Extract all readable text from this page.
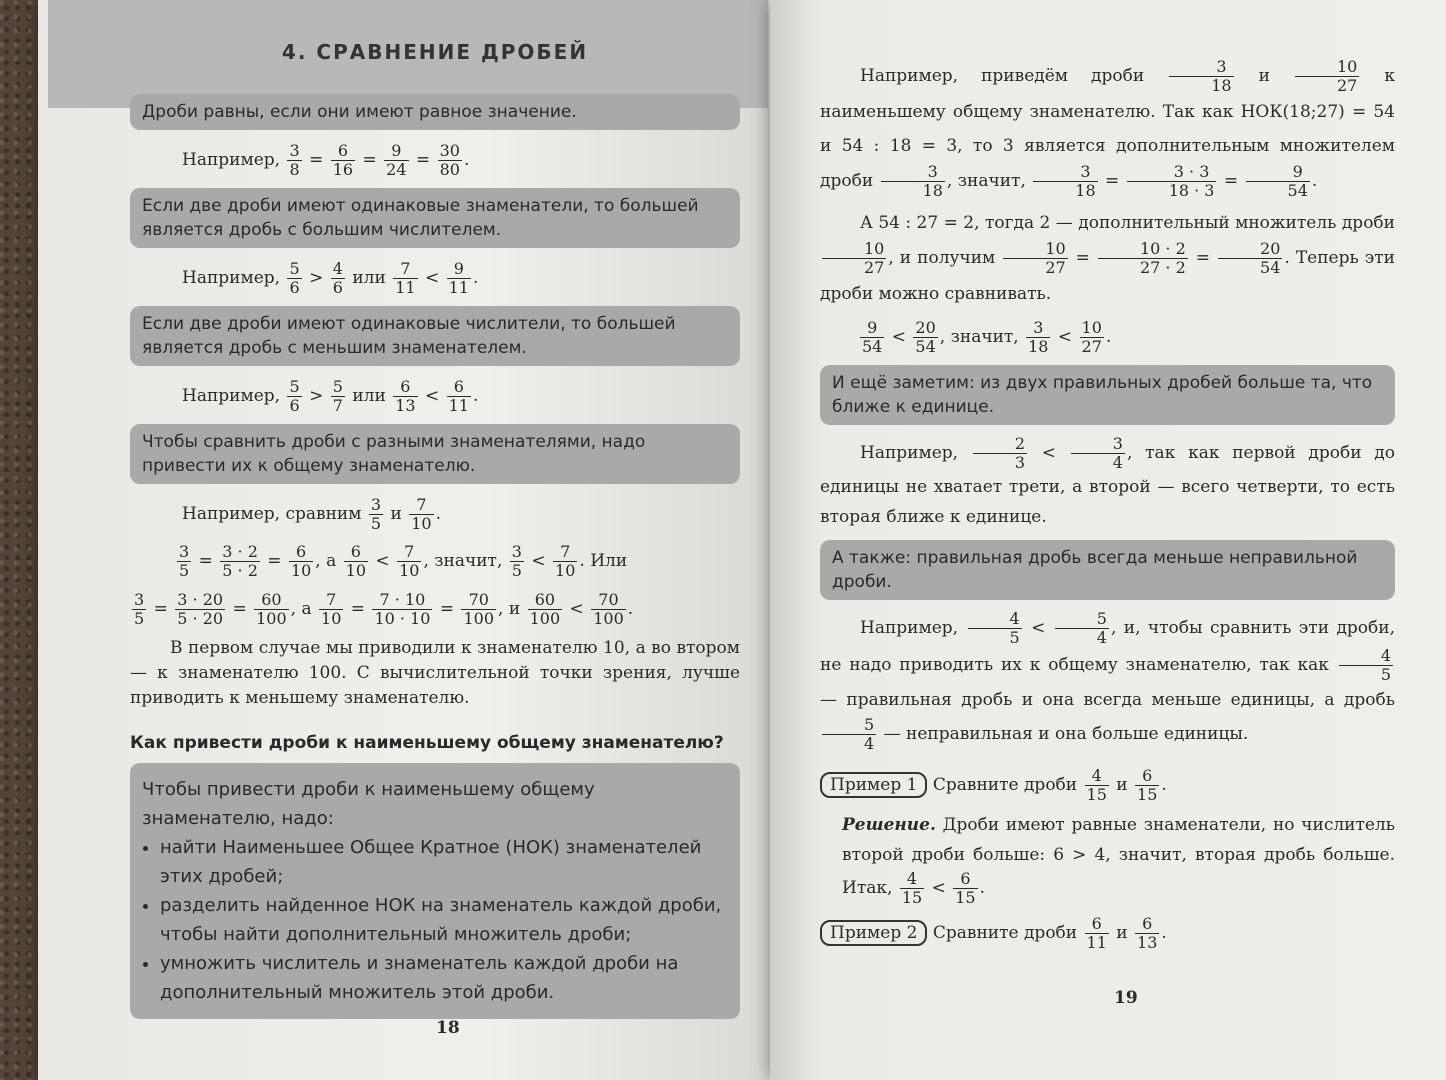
4. СРАВНЕНИЕ ДРОБЕЙ
Дроби равны, если они имеют равное значение.
Например, $\frac{3}{8} = \frac{6}{16} = \frac{9}{24} = \frac{30}{80}$ .
Если две дроби имеют одинаковые знаменатели, то большей является дробь с большим числителем.
Например, $\frac{5}{6} > \frac{4}{6}$ или $\frac{7}{11} < \frac{9}{11}$ .
Если две дроби имеют одинаковые числители, то большей является дробь с меньшим знаменателем.
Например, $\frac{5}{6} > \frac{5}{7}$ или $\frac{6}{13} < \frac{6}{11}$ .
Чтобы сравнить дроби с разными знаменателями, надо привести их к общему знаменателю.
Например, сравним $\frac{3}{5}$ и $\frac{7}{10}$ .
$\frac{3}{5} = \frac{3 \cdot 2}{5 \cdot 2} = \frac{6}{10}$ , а $\frac{6}{10} < \frac{7}{10}$ , значит, $\frac{3}{5} < \frac{7}{10}$ . Или
$\frac{3}{5} = \frac{3 \cdot 20}{5 \cdot 20} = \frac{60}{100}$ , а $\frac{7}{10} = \frac{7 \cdot 10}{10 \cdot 10} = \frac{70}{100}$ , и $\frac{60}{100} < \frac{70}{100}$ .
В первом случае мы приводили к знаменателю 10, а во втором — к знаменателю 100. С вычислительной точки зрения, лучше приводить к меньшему знаменателю.
Как привести дроби к наименьшему общему знаменателю?
Чтобы привести дроби к наименьшему общему знаменателю, надо:
• найти Наименьшее Общее Кратное (НОК) знаменателей этих дробей;
• разделить найденное НОК на знаменатель каждой дроби, чтобы найти дополнительный множитель дроби;
• умножить числитель и знаменатель каждой дроби на дополнительный множитель этой дроби.
18
Например, приведём дроби $\frac{3}{18}$ и $\frac{10}{27}$ к наименьшему общему знаменателю. Так как НОК(18;27) = 54 и 54 : 18 = 3, то 3 является дополнительным множителем дроби $\frac{3}{18}$ , значит, $\frac{3}{18} = \frac{3 \cdot 3}{18 \cdot 3} = \frac{9}{54}$ .
А 54 : 27 = 2, тогда 2 — дополнительный множитель дроби
$\frac{10}{27}$ , и получим $\frac{10}{27} = \frac{10 \cdot 2}{27 \cdot 2} = \frac{20}{54}$ . Теперь эти дроби можно сравнивать.
$\frac{9}{54} < \frac{20}{54}$ , значит, $\frac{3}{18} < \frac{10}{27}$ .
И ещё заметим: из двух правильных дробей больше та, что ближе к единице.
Например, $\frac{2}{3} < \frac{3}{4}$ , так как первой дроби до единицы не хватает трети, а второй — всего четверти, то есть вторая ближе к единице.
А также: правильная дробь всегда меньше неправильной дроби.
Например, $\frac{4}{5} < \frac{5}{4}$ , и, чтобы сравнить эти дроби, не надо приводить их к общему знаменателю, так как $\frac{4}{5}$
— правильная дробь и она всегда меньше единицы, а дробь
$\frac{5}{4}$ — неправильная и она больше единицы.
Пример 1 Сравните дроби $\frac{4}{15}$ и $\frac{6}{15}$ .
Решение. Дроби имеют равные знаменатели, но числитель второй дроби больше: 6 > 4, значит, вторая дробь больше. Итак, $\frac{4}{15} < \frac{6}{15}$ .
Пример 2 Сравните дроби $\frac{6}{11}$ и $\frac{6}{13}$ .
19
